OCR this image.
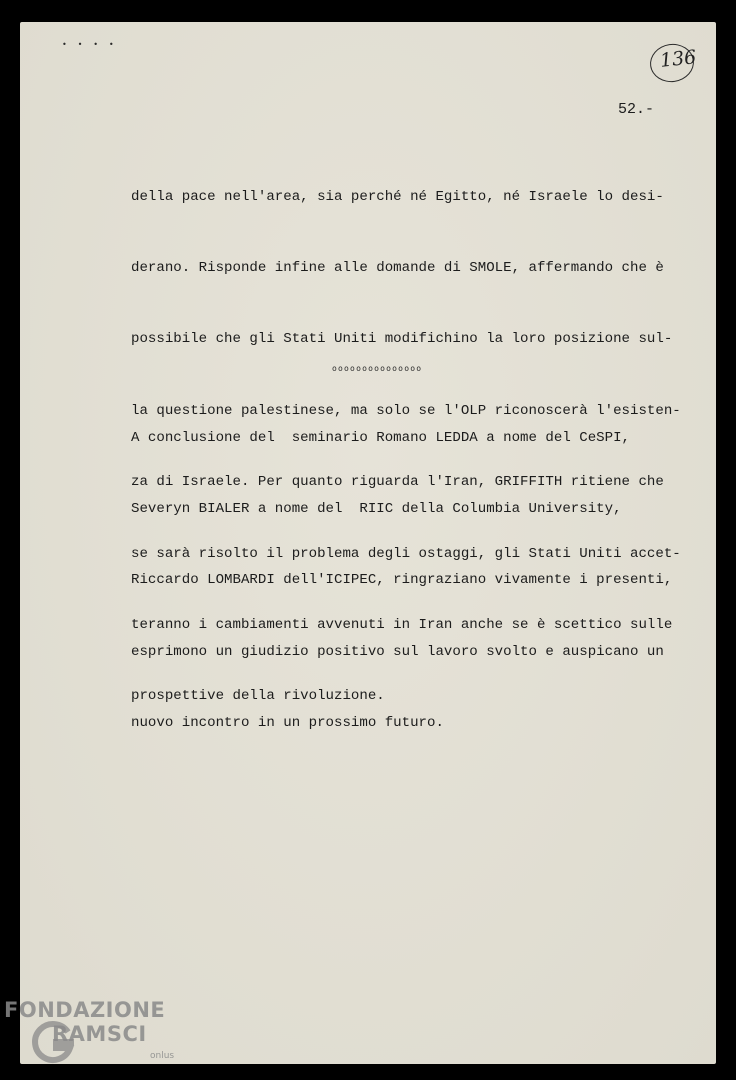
• • • •
136
52.-

della pace nell'area, sia perché né Egitto, né Israele lo desi-

derano. Risponde infine alle domande di SMOLE, affermando che è

possibile che gli Stati Uniti modifichino la loro posizione sul-

la questione palestinese, ma solo se l'OLP riconoscerà l'esisten-

za di Israele. Per quanto riguarda l'Iran, GRIFFITH ritiene che

se sarà risolto il problema degli ostaggi, gli Stati Uniti accet-

teranno i cambiamenti avvenuti in Iran anche se è scettico sulle

prospettive della rivoluzione.

ooooooooooooooo

A conclusione del  seminario Romano LEDDA a nome del CeSPI,

Severyn BIALER a nome del  RIIC della Columbia University,

Riccardo LOMBARDI dell'ICIPEC, ringraziano vivamente i presenti,

esprimono un giudizio positivo sul lavoro svolto e auspicano un

nuovo incontro in un prossimo futuro.

FONDAZIONE
RAMSCI
onlus
